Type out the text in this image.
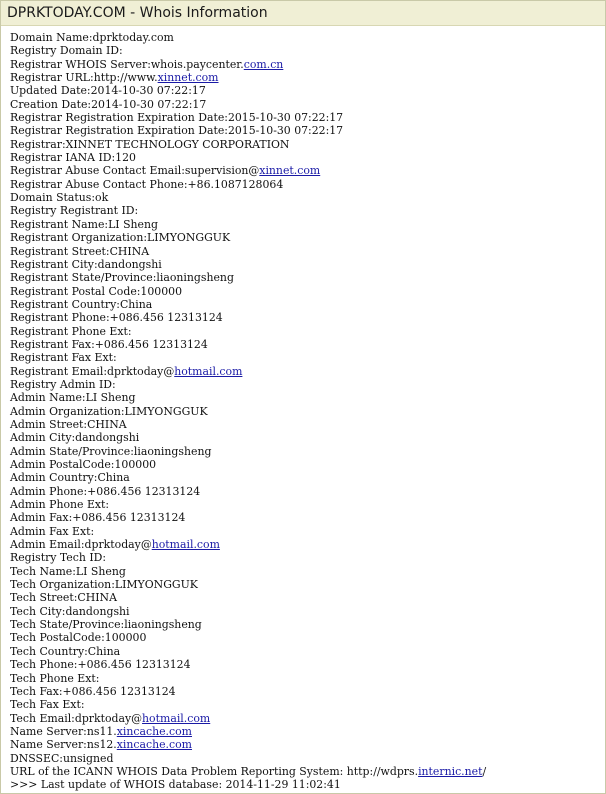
DPRKTODAY.COM - Whois Information
Domain Name:dprktoday.com
Registry Domain ID:
Registrar WHOIS Server:whois.paycenter.com.cn
Registrar URL:http://www.xinnet.com
Updated Date:2014-10-30 07:22:17
Creation Date:2014-10-30 07:22:17
Registrar Registration Expiration Date:2015-10-30 07:22:17
Registrar Registration Expiration Date:2015-10-30 07:22:17
Registrar:XINNET TECHNOLOGY CORPORATION
Registrar IANA ID:120
Registrar Abuse Contact Email:supervision@xinnet.com
Registrar Abuse Contact Phone:+86.1087128064
Domain Status:ok
Registry Registrant ID:
Registrant Name:LI Sheng
Registrant Organization:LIMYONGGUK
Registrant Street:CHINA
Registrant City:dandongshi
Registrant State/Province:liaoningsheng
Registrant Postal Code:100000
Registrant Country:China
Registrant Phone:+086.456 12313124
Registrant Phone Ext:
Registrant Fax:+086.456 12313124
Registrant Fax Ext:
Registrant Email:dprktoday@hotmail.com
Registry Admin ID:
Admin Name:LI Sheng
Admin Organization:LIMYONGGUK
Admin Street:CHINA
Admin City:dandongshi
Admin State/Province:liaoningsheng
Admin PostalCode:100000
Admin Country:China
Admin Phone:+086.456 12313124
Admin Phone Ext:
Admin Fax:+086.456 12313124
Admin Fax Ext:
Admin Email:dprktoday@hotmail.com
Registry Tech ID:
Tech Name:LI Sheng
Tech Organization:LIMYONGGUK
Tech Street:CHINA
Tech City:dandongshi
Tech State/Province:liaoningsheng
Tech PostalCode:100000
Tech Country:China
Tech Phone:+086.456 12313124
Tech Phone Ext:
Tech Fax:+086.456 12313124
Tech Fax Ext:
Tech Email:dprktoday@hotmail.com
Name Server:ns11.xincache.com
Name Server:ns12.xincache.com
DNSSEC:unsigned
URL of the ICANN WHOIS Data Problem Reporting System: http://wdprs.internic.net/
>>> Last update of WHOIS database: 2014-11-29 11:02:41
